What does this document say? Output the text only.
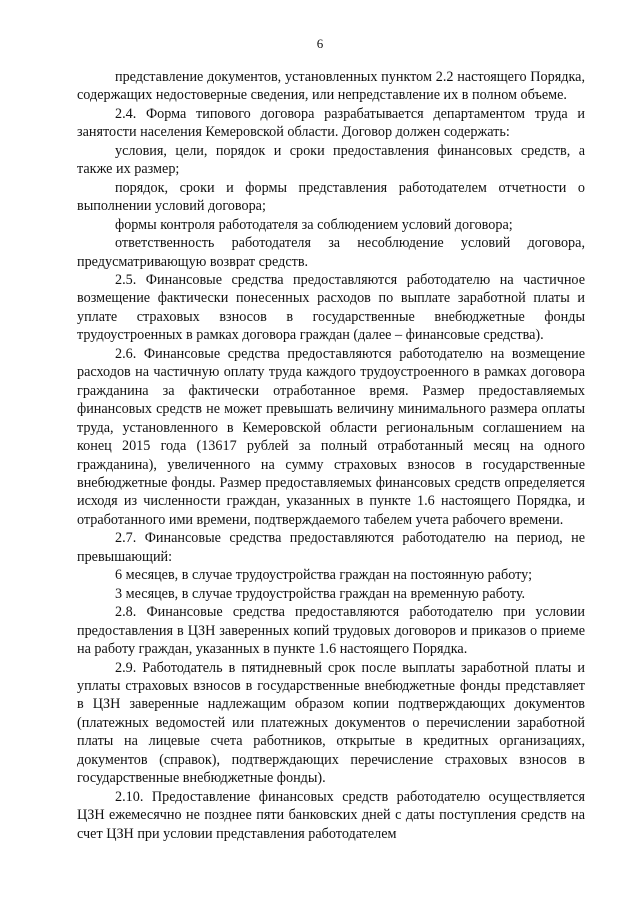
6

представление документов, установленных пунктом 2.2 настоящего Порядка, содержащих недостоверные сведения, или непредставление их в полном объеме.

2.4. Форма типового договора разрабатывается департаментом труда и занятости населения Кемеровской области. Договор должен содержать:

условия, цели, порядок и сроки предоставления финансовых средств, а также их размер;

порядок, сроки и формы представления работодателем отчетности о выполнении условий договора;

формы контроля работодателя за соблюдением условий договора;

ответственность работодателя за несоблюдение условий договора, предусматривающую возврат средств.

2.5. Финансовые средства предоставляются работодателю на частичное возмещение фактически понесенных расходов по выплате заработной платы и уплате страховых взносов в государственные внебюджетные фонды трудоустроенных в рамках договора граждан (далее – финансовые средства).

2.6. Финансовые средства предоставляются работодателю на возмещение расходов на частичную оплату труда каждого трудоустроенного в рамках договора гражданина за фактически отработанное время. Размер предоставляемых финансовых средств не может превышать величину минимального размера оплаты труда, установленного в Кемеровской области региональным соглашением на конец 2015 года (13617 рублей за полный отработанный месяц на одного гражданина), увеличенного на сумму страховых взносов в государственные внебюджетные фонды. Размер предоставляемых финансовых средств определяется исходя из численности граждан, указанных в пункте 1.6 настоящего Порядка, и отработанного ими времени, подтверждаемого табелем учета рабочего времени.

2.7. Финансовые средства предоставляются работодателю на период, не превышающий:

6 месяцев, в случае трудоустройства граждан на постоянную работу;

3 месяцев, в случае трудоустройства граждан на временную работу.

2.8. Финансовые средства предоставляются работодателю при условии предоставления в ЦЗН заверенных копий трудовых договоров и приказов о приеме на работу граждан, указанных в пункте 1.6 настоящего Порядка.

2.9. Работодатель в пятидневный срок после выплаты заработной платы и уплаты страховых взносов в государственные внебюджетные фонды представляет в ЦЗН заверенные надлежащим образом копии подтверждающих документов (платежных ведомостей или платежных документов о перечислении заработной платы на лицевые счета работников, открытые в кредитных организациях, документов (справок), подтверждающих перечисление страховых взносов в государственные внебюджетные фонды).

2.10. Предоставление финансовых средств работодателю осуществляется ЦЗН ежемесячно не позднее пяти банковских дней с даты поступления средств на счет ЦЗН при условии представления работодателем
